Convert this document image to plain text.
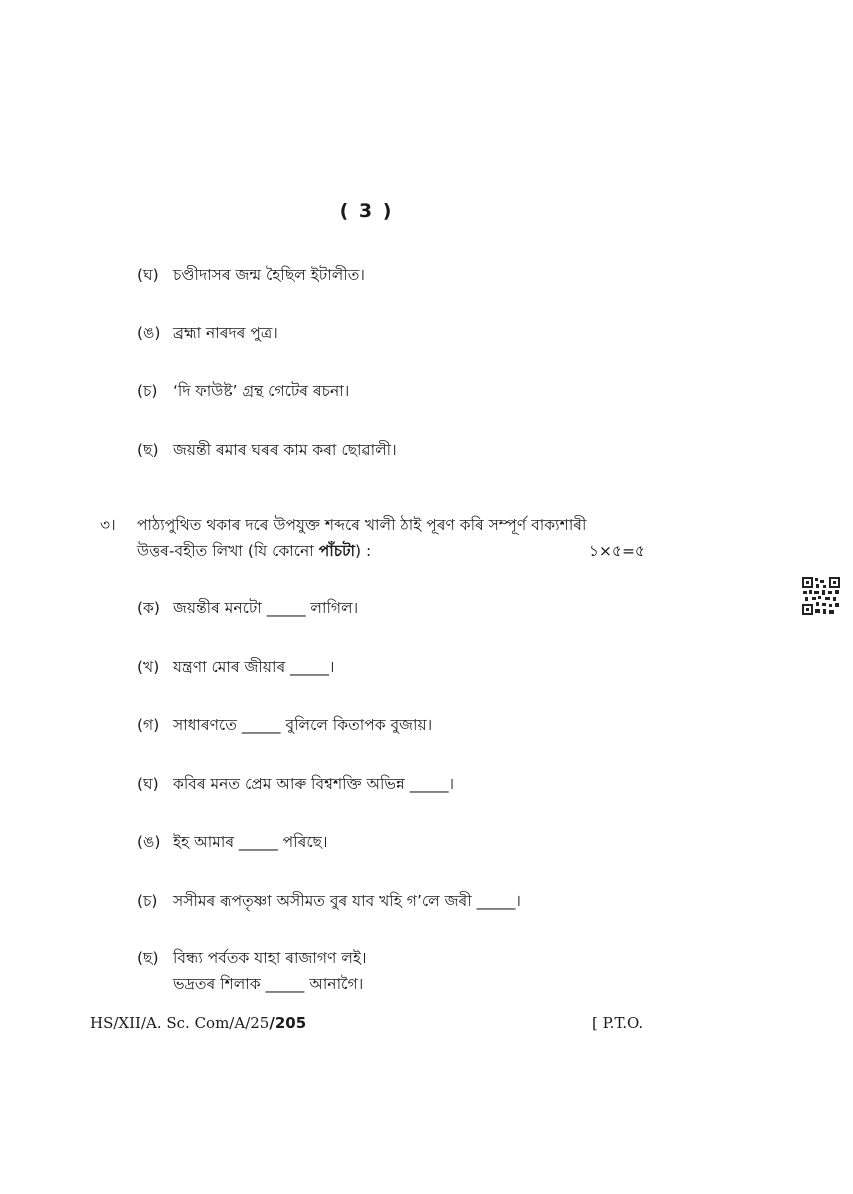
( 3 )
(ঘ) চণ্ডীদাসৰ জন্ম হৈছিল ইটালীত।
(ঙ) ব্ৰহ্মা নাৰদৰ পুত্ৰ।
(চ) ‘দি ফাউষ্ট’ গ্ৰন্থ গেটেৰ ৰচনা।
(ছ) জয়ন্তী ৰমাৰ ঘৰৰ কাম কৰা ছোৱালী।
৩।	পাঠ্যপুথিত থকাৰ দৰে উপযুক্ত শব্দৰে খালী ঠাই পূৰণ কৰি সম্পূৰ্ণ বাক্যশাৰী
উত্তৰ-বহীত লিখা (যি কোনো পাঁচটা) :	১×৫=৫
(ক) জয়ন্তীৰ মনটো _____ লাগিল।
(খ) যন্ত্ৰণা মোৰ জীয়াৰ _____।
(গ) সাধাৰণতে _____ বুলিলে কিতাপক বুজায়।
(ঘ) কবিৰ মনত প্ৰেম আৰু বিশ্বশক্তি অভিন্ন _____।
(ঙ) ইহ আমাৰ _____ পৰিছে।
(চ) সসীমৰ ৰূপতৃষ্ণা অসীমত বুৰ যাব খহি গ’লে জৰী _____।
(ছ) বিন্ধ্য পৰ্বতক যাহা ৰাজাগণ লই।
ভদ্ৰতৰ শিলাক _____ আনাগৈ।
HS/XII/A. Sc. Com/A/25/205	[ P.T.O.
